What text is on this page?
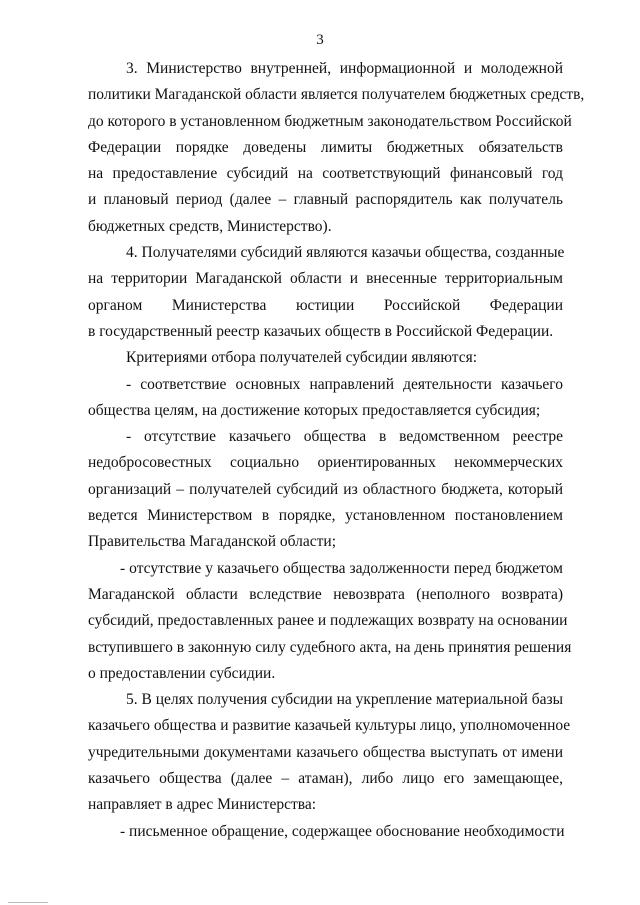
3
3. Министерство внутренней, информационной и молодежной
политики Магаданской области является получателем бюджетных средств,
до которого в установленном бюджетным законодательством Российской
Федерации порядке доведены лимиты бюджетных обязательств
на предоставление субсидий на соответствующий финансовый год
и плановый период (далее – главный распорядитель как получатель
бюджетных средств, Министерство).
4. Получателями субсидий являются казачьи общества, созданные
на территории Магаданской области и внесенные территориальным
органом Министерства юстиции Российской Федерации
в государственный реестр казачьих обществ в Российской Федерации.
Критериями отбора получателей субсидии являются:
- соответствие основных направлений деятельности казачьего
общества целям, на достижение которых предоставляется субсидия;
- отсутствие казачьего общества в ведомственном реестре
недобросовестных социально ориентированных некоммерческих
организаций – получателей субсидий из областного бюджета, который
ведется Министерством в порядке, установленном постановлением
Правительства Магаданской области;
- отсутствие у казачьего общества задолженности перед бюджетом
Магаданской области вследствие невозврата (неполного возврата)
субсидий, предоставленных ранее и подлежащих возврату на основании
вступившего в законную силу судебного акта, на день принятия решения
о предоставлении субсидии.
5. В целях получения субсидии на укрепление материальной базы
казачьего общества и развитие казачьей культуры лицо, уполномоченное
учредительными документами казачьего общества выступать от имени
казачьего общества (далее – атаман), либо лицо его замещающее,
направляет в адрес Министерства:
- письменное обращение, содержащее обоснование необходимости
